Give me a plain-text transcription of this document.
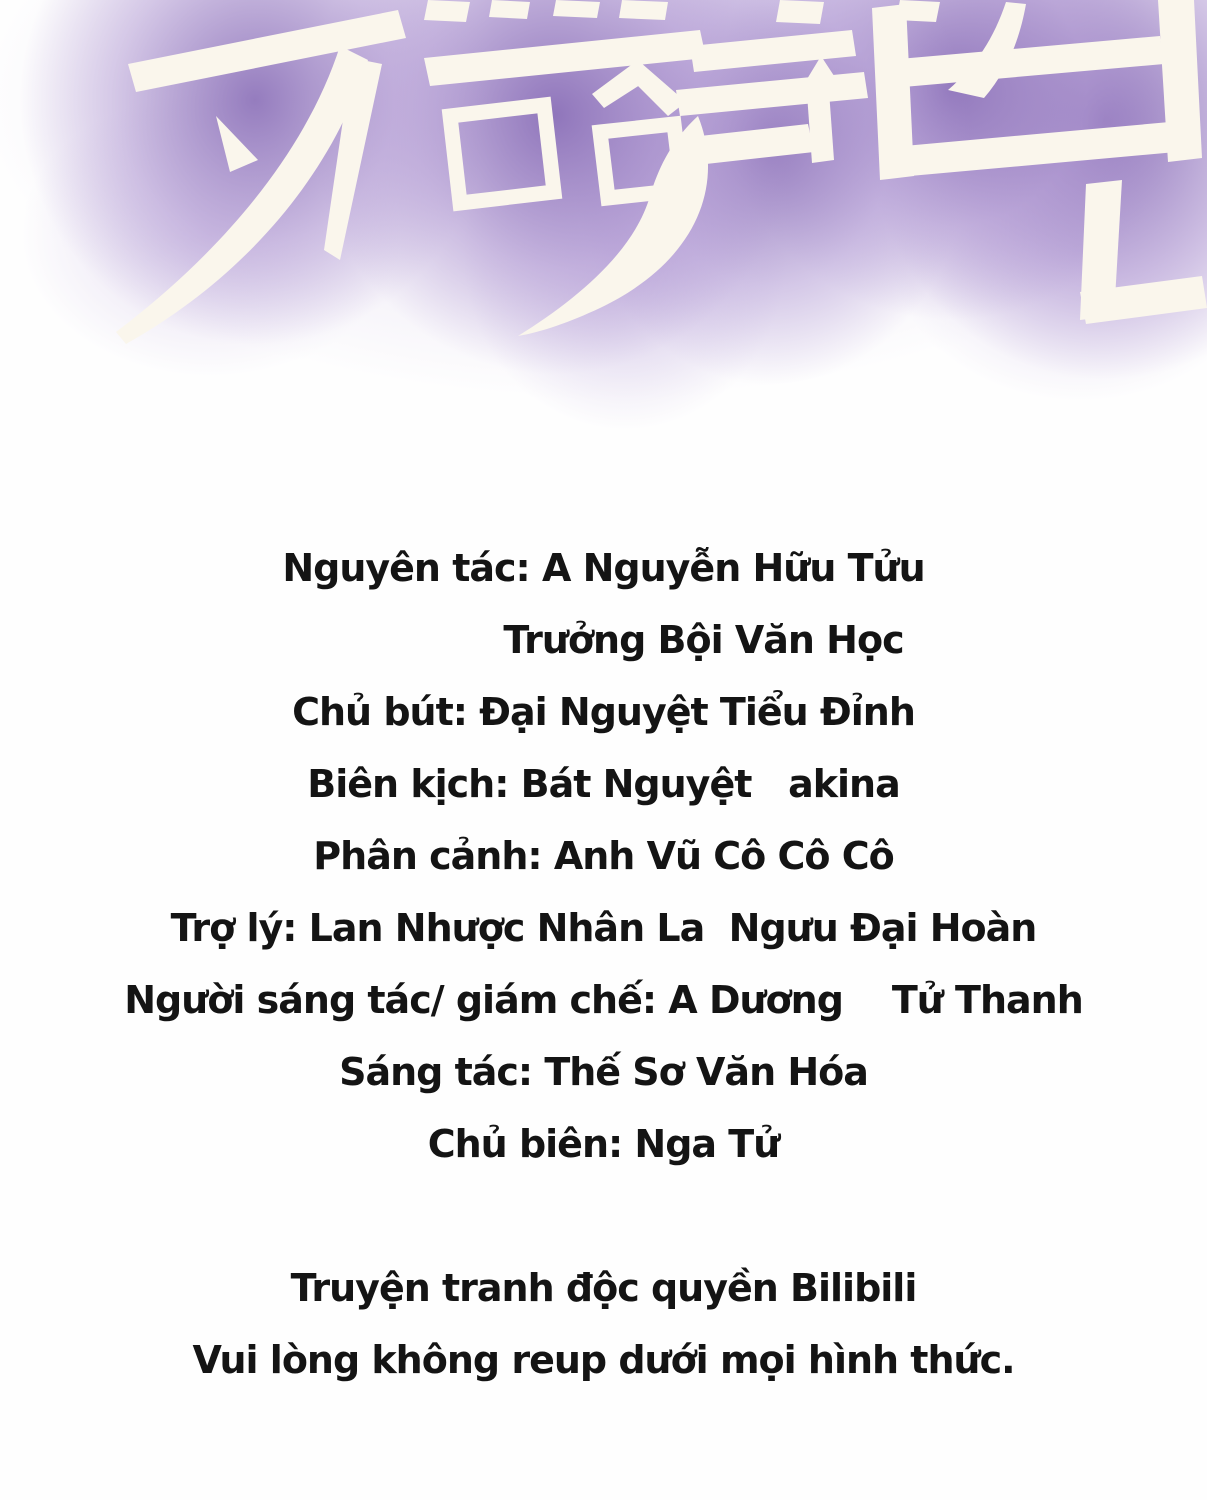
Nguyên tác: A Nguyễn Hữu Tửu
Trưởng Bội Văn Học
Chủ bút: Đại Nguyệt Tiểu Đỉnh
Biên kịch: Bát Nguyệt   akina
Phân cảnh: Anh Vũ Cô Cô Cô
Trợ lý: Lan Nhược Nhân La  Ngưu Đại Hoàn
Người sáng tác/ giám chế: A Dương    Tử Thanh
Sáng tác: Thế Sơ Văn Hóa
Chủ biên: Nga Tử
Truyện tranh độc quyền Bilibili
Vui lòng không reup dưới mọi hình thức.
